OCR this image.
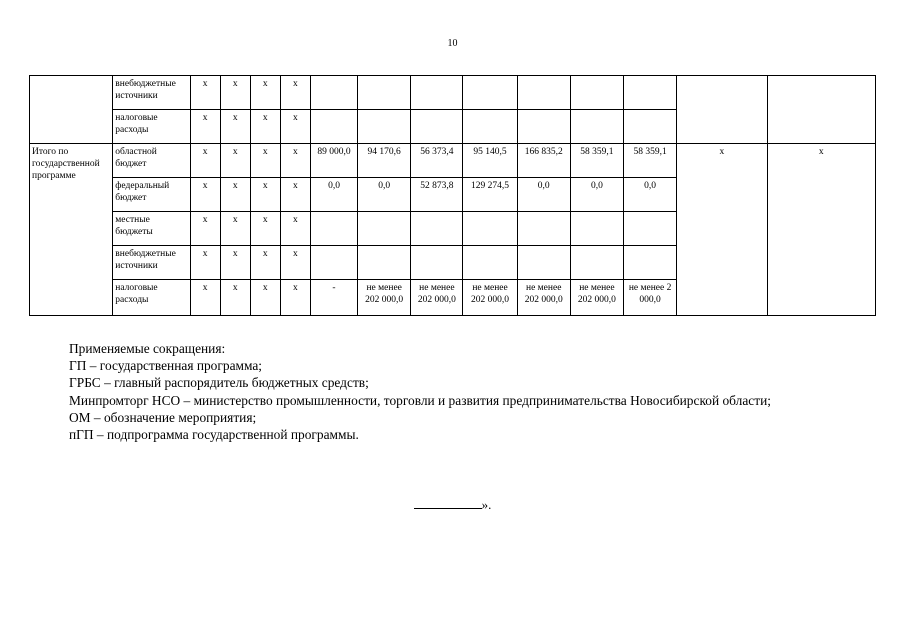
10
	внебюджетные источники	x	x	x	x									
	налоговые расходы	x	x	x	x									
Итого по государственной программе	областной бюджет	x	x	x	x	89 000,0	94 170,6	56 373,4	95 140,5	166 835,2	58 359,1	58 359,1	x	x
	федеральный бюджет	x	x	x	x	0,0	0,0	52 873,8	129 274,5	0,0	0,0	0,0		
	местные бюджеты	x	x	x	x									
	внебюджетные источники	x	x	x	x									
	налоговые расходы	x	x	x	x	-	не менее 202 000,0	не менее 202 000,0	не менее 202 000,0	не менее 202 000,0	не менее 202 000,0	не менее 2 000,0		
Применяемые сокращения:
ГП – государственная программа;
ГРБС – главный распорядитель бюджетных средств;
Минпромторг НСО – министерство промышленности, торговли и развития предпринимательства Новосибирской области;
ОМ – обозначение мероприятия;
пГП – подпрограмма государственной программы.
».
